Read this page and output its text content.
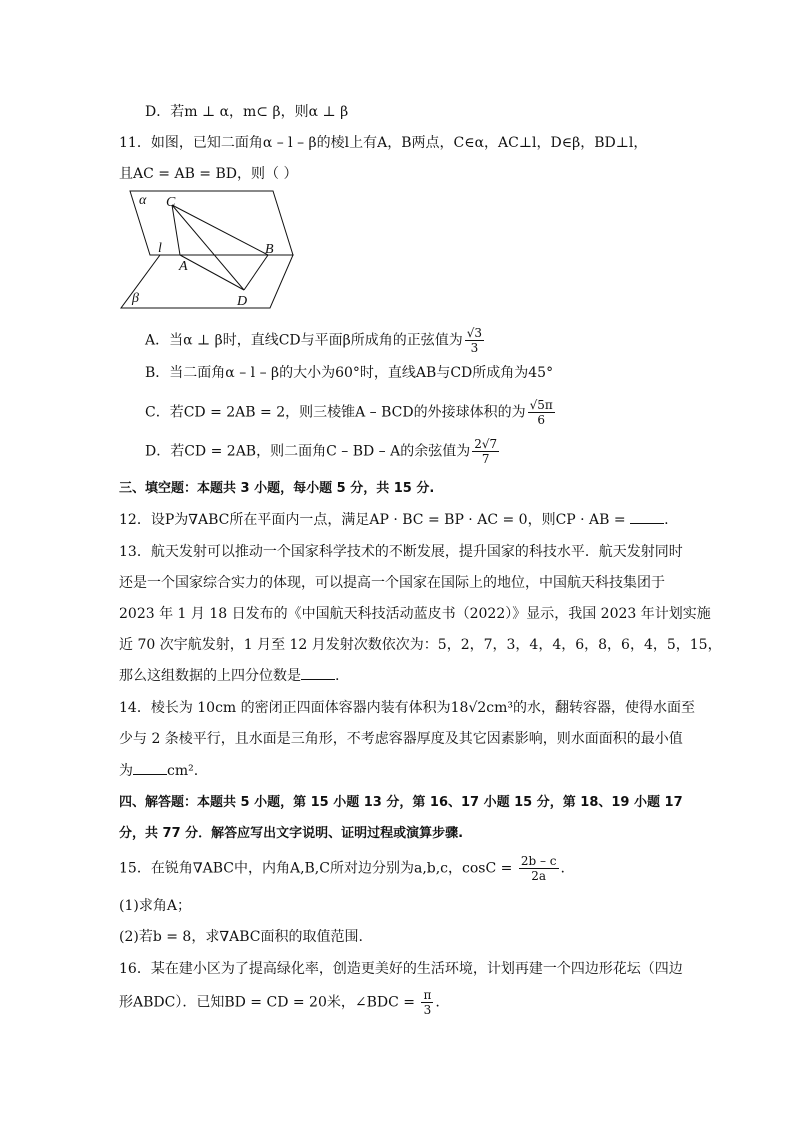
D．若m ⊥ α，m⊂ β，则α ⊥ β
11．如图，已知二面角α – l – β的棱l上有A，B两点，C∈α，AC⊥l，D∈β，BD⊥l，
且AC = AB = BD，则（ ）
α C
l	B
A
D
β
A．当α ⊥ β时，直线CD与平面β所成角的正弦值为 $\frac{√3}{3}$
B．当二面角α – l – β的大小为60°时，直线AB与CD所成角为45°
C．若CD = 2AB = 2，则三棱锥A – BCD的外接球体积的为 $\frac{√5\pi}{6}$
D．若CD = 2AB，则二面角C – BD – A的余弦值为 $\frac{2√7}{7}$
三、填空题：本题共 3 小题，每小题 5 分，共 15 分.
12．设P为∇ABC所在平面内一点，满足AP · BC = BP · AC = 0，则CP · AB = .
13．航天发射可以推动一个国家科学技术的不断发展，提升国家的科技水平．航天发射同时
还是一个国家综合实力的体现，可以提高一个国家在国际上的地位，中国航天科技集团于
2023 年 1 月 18 日发布的《中国航天科技活动蓝皮书（2022）》显示，我国 2023 年计划实施
近 70 次宇航发射，1 月至 12 月发射次数依次为：5，2，7，3，4，4，6，8，6，4，5，15，
那么这组数据的上四分位数是 .
14．棱长为 10cm 的密闭正四面体容器内装有体积为18√2cm³的水，翻转容器，使得水面至
少与 2 条棱平行，且水面是三角形，不考虑容器厚度及其它因素影响，则水面面积的最小值
为 cm².
四、解答题：本题共 5 小题，第 15 小题 13 分，第 16、17 小题 15 分，第 18、19 小题 17
分，共 77 分．解答应写出文字说明、证明过程或演算步骤.
15．在锐角∇ABC中，内角A,B,C所对边分别为a,b,c，$\cos C = \frac{2b - c}{2a}$ .
(1)求角A；
(2)若b = 8，求∇ABC面积的取值范围.
16．某在建小区为了提高绿化率，创造更美好的生活环境，计划再建一个四边形花坛（四边
形ABDC）．已知BD = CD = 20米，∠BDC = $\frac{\pi}{3}$ .
